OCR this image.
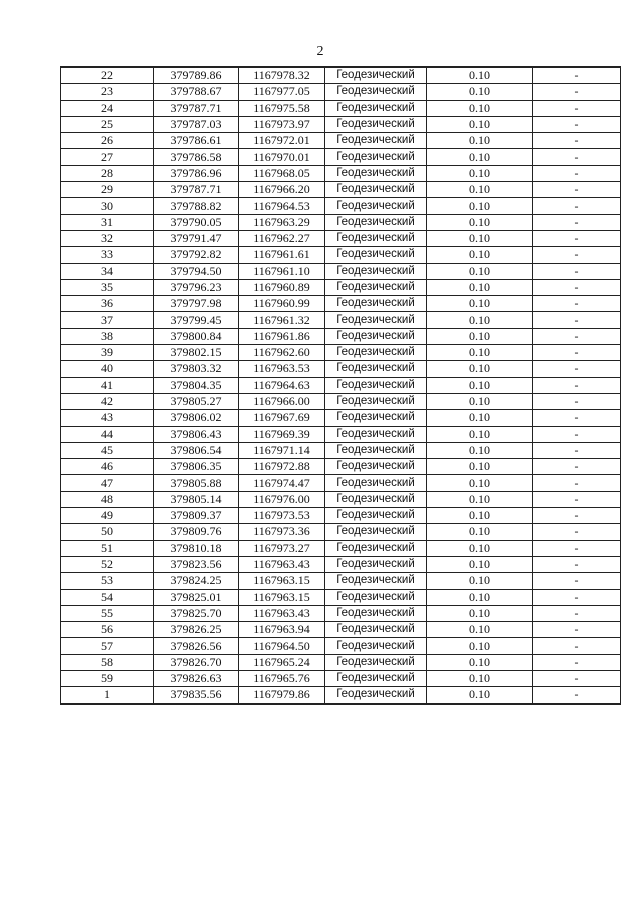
2
22	379789.86	1167978.32	Геодезический	0.10	-
23	379788.67	1167977.05	Геодезический	0.10	-
24	379787.71	1167975.58	Геодезический	0.10	-
25	379787.03	1167973.97	Геодезический	0.10	-
26	379786.61	1167972.01	Геодезический	0.10	-
27	379786.58	1167970.01	Геодезический	0.10	-
28	379786.96	1167968.05	Геодезический	0.10	-
29	379787.71	1167966.20	Геодезический	0.10	-
30	379788.82	1167964.53	Геодезический	0.10	-
31	379790.05	1167963.29	Геодезический	0.10	-
32	379791.47	1167962.27	Геодезический	0.10	-
33	379792.82	1167961.61	Геодезический	0.10	-
34	379794.50	1167961.10	Геодезический	0.10	-
35	379796.23	1167960.89	Геодезический	0.10	-
36	379797.98	1167960.99	Геодезический	0.10	-
37	379799.45	1167961.32	Геодезический	0.10	-
38	379800.84	1167961.86	Геодезический	0.10	-
39	379802.15	1167962.60	Геодезический	0.10	-
40	379803.32	1167963.53	Геодезический	0.10	-
41	379804.35	1167964.63	Геодезический	0.10	-
42	379805.27	1167966.00	Геодезический	0.10	-
43	379806.02	1167967.69	Геодезический	0.10	-
44	379806.43	1167969.39	Геодезический	0.10	-
45	379806.54	1167971.14	Геодезический	0.10	-
46	379806.35	1167972.88	Геодезический	0.10	-
47	379805.88	1167974.47	Геодезический	0.10	-
48	379805.14	1167976.00	Геодезический	0.10	-
49	379809.37	1167973.53	Геодезический	0.10	-
50	379809.76	1167973.36	Геодезический	0.10	-
51	379810.18	1167973.27	Геодезический	0.10	-
52	379823.56	1167963.43	Геодезический	0.10	-
53	379824.25	1167963.15	Геодезический	0.10	-
54	379825.01	1167963.15	Геодезический	0.10	-
55	379825.70	1167963.43	Геодезический	0.10	-
56	379826.25	1167963.94	Геодезический	0.10	-
57	379826.56	1167964.50	Геодезический	0.10	-
58	379826.70	1167965.24	Геодезический	0.10	-
59	379826.63	1167965.76	Геодезический	0.10	-
1	379835.56	1167979.86	Геодезический	0.10	-
